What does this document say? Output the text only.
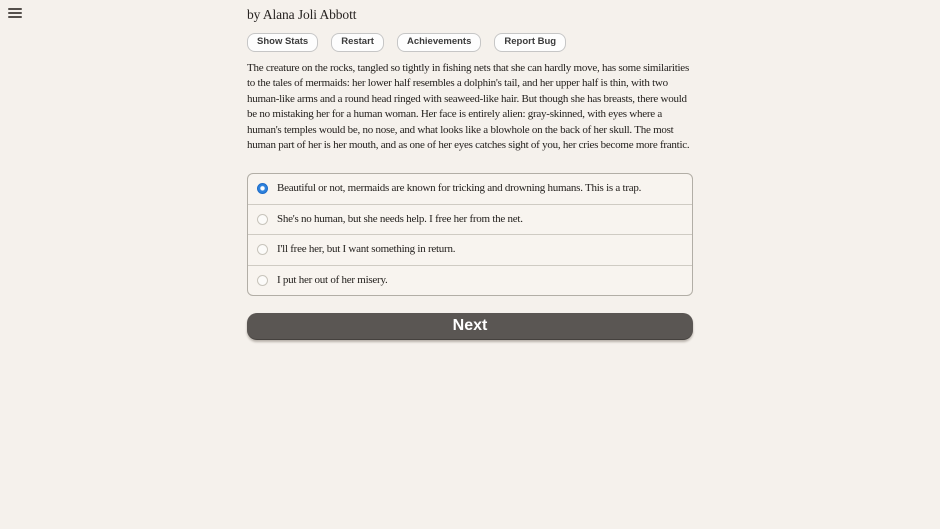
by Alana Joli Abbott
Show Stats	Restart	Achievements	Report Bug
The creature on the rocks, tangled so tightly in fishing nets that she can hardly move, has some similarities to the tales of mermaids: her lower half resembles a dolphin's tail, and her upper half is thin, with two human-like arms and a round head ringed with seaweed-like hair. But though she has breasts, there would be no mistaking her for a human woman. Her face is entirely alien: gray-skinned, with eyes where a human's temples would be, no nose, and what looks like a blowhole on the back of her skull. The most human part of her is her mouth, and as one of her eyes catches sight of you, her cries become more frantic.
Beautiful or not, mermaids are known for tricking and drowning humans. This is a trap.
She's no human, but she needs help. I free her from the net.
I'll free her, but I want something in return.
I put her out of her misery.
Next
